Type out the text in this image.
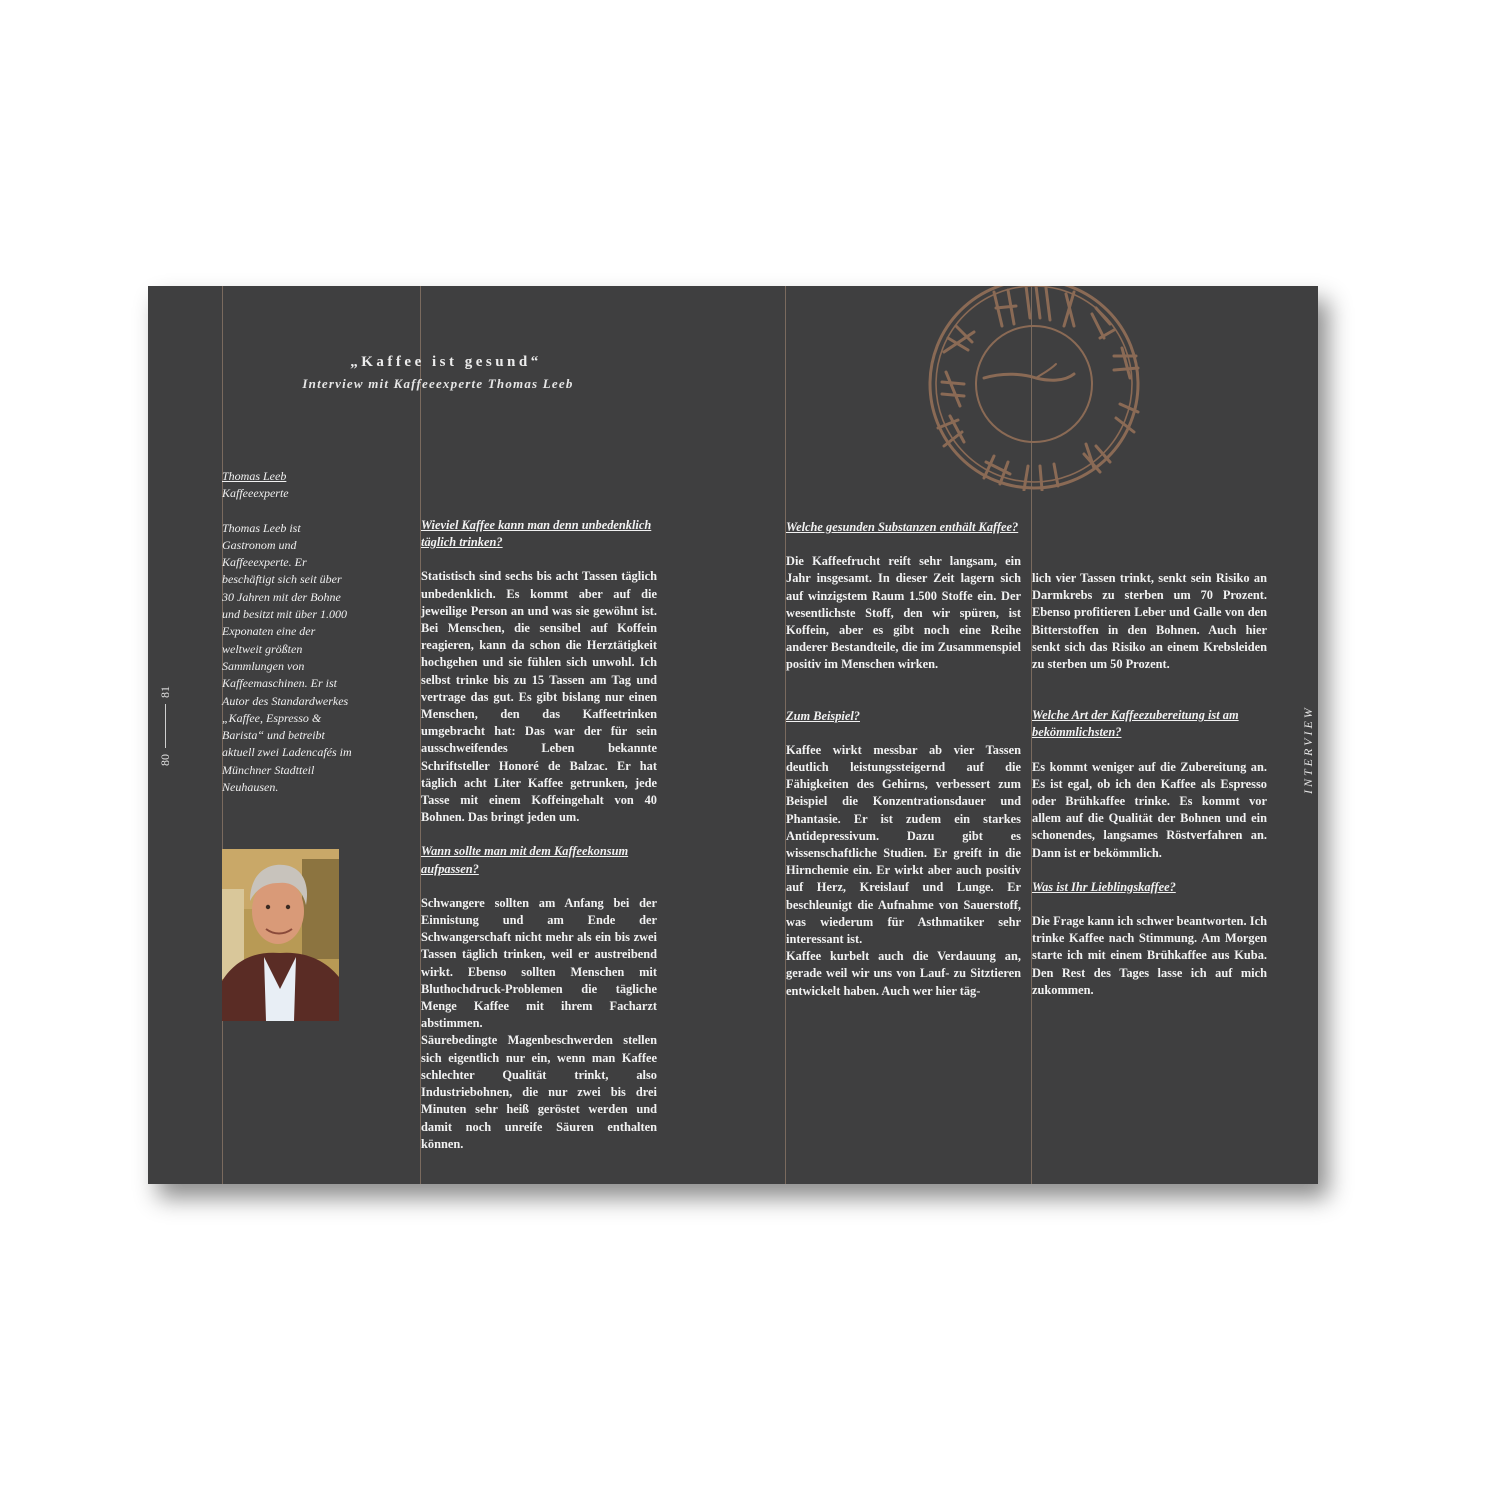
„Kaffee ist gesund“
Interview mit Kaffeeexperte Thomas Leeb
80
81
INTERVIEW
Thomas Leeb
Kaffeeexperte
Thomas Leeb ist Gastronom und Kaffeeexperte. Er beschäftigt sich seit über 30 Jahren mit der Bohne und besitzt mit über 1.000 Exponaten eine der weltweit größten Sammlungen von Kaffeemaschinen. Er ist Autor des Standardwerkes „Kaffee, Espresso & Barista“ und betreibt aktuell zwei Ladencafés im Münchner Stadtteil Neuhausen.
Wieviel Kaffee kann man denn unbedenklich täglich trinken?
Statistisch sind sechs bis acht Tassen täglich unbedenklich. Es kommt aber auf die jeweilige Person an und was sie gewöhnt ist. Bei Menschen, die sensibel auf Koffein reagieren, kann da schon die Herztätigkeit hochgehen und sie fühlen sich unwohl. Ich selbst trinke bis zu 15 Tassen am Tag und vertrage das gut. Es gibt bislang nur einen Menschen, den das Kaffeetrinken umgebracht hat: Das war der für sein ausschweifendes Leben bekannte Schriftsteller Honoré de Balzac. Er hat täglich acht Liter Kaffee getrunken, jede Tasse mit einem Koffeingehalt von 40 Bohnen. Das bringt jeden um.
Wann sollte man mit dem Kaffeekonsum aufpassen?
Schwangere sollten am Anfang bei der Einnistung und am Ende der Schwangerschaft nicht mehr als ein bis zwei Tassen täglich trinken, weil er austreibend wirkt. Ebenso sollten Menschen mit Bluthochdruck-Problemen die tägliche Menge Kaffee mit ihrem Facharzt abstimmen.
Säurebedingte Magenbeschwerden stellen sich eigentlich nur ein, wenn man Kaffee schlechter Qualität trinkt, also Industriebohnen, die nur zwei bis drei Minuten sehr heiß geröstet werden und damit noch unreife Säuren enthalten können.
Welche gesunden Substanzen enthält Kaffee?
Die Kaffeefrucht reift sehr langsam, ein Jahr insgesamt. In dieser Zeit lagern sich auf winzigstem Raum 1.500 Stoffe ein. Der wesentlichste Stoff, den wir spüren, ist Koffein, aber es gibt noch eine Reihe anderer Bestandteile, die im Zusammenspiel positiv im Menschen wirken.
Zum Beispiel?
Kaffee wirkt messbar ab vier Tassen deutlich leistungssteigernd auf die Fähigkeiten des Gehirns, verbessert zum Beispiel die Konzentrationsdauer und Phantasie. Er ist zudem ein starkes Antidepressivum. Dazu gibt es wissenschaftliche Studien. Er greift in die Hirnchemie ein. Er wirkt aber auch positiv auf Herz, Kreislauf und Lunge. Er beschleunigt die Aufnahme von Sauerstoff, was wiederum für Asthmatiker sehr interessant ist.
Kaffee kurbelt auch die Verdauung an, gerade weil wir uns von Lauf- zu Sitztieren entwickelt haben. Auch wer hier täg-
lich vier Tassen trinkt, senkt sein Risiko an Darmkrebs zu sterben um 70 Prozent. Ebenso profitieren Leber und Galle von den Bitterstoffen in den Bohnen. Auch hier senkt sich das Risiko an einem Krebsleiden zu sterben um 50 Prozent.
Welche Art der Kaffeezubereitung ist am bekömmlichsten?
Es kommt weniger auf die Zubereitung an. Es ist egal, ob ich den Kaffee als Espresso oder Brühkaffee trinke. Es kommt vor allem auf die Qualität der Bohnen und ein schonendes, langsames Röstverfahren an. Dann ist er bekömmlich.
Was ist Ihr Lieblingskaffee?
Die Frage kann ich schwer beantworten. Ich trinke Kaffee nach Stimmung. Am Morgen starte ich mit einem Brühkaffee aus Kuba. Den Rest des Tages lasse ich auf mich zukommen.
